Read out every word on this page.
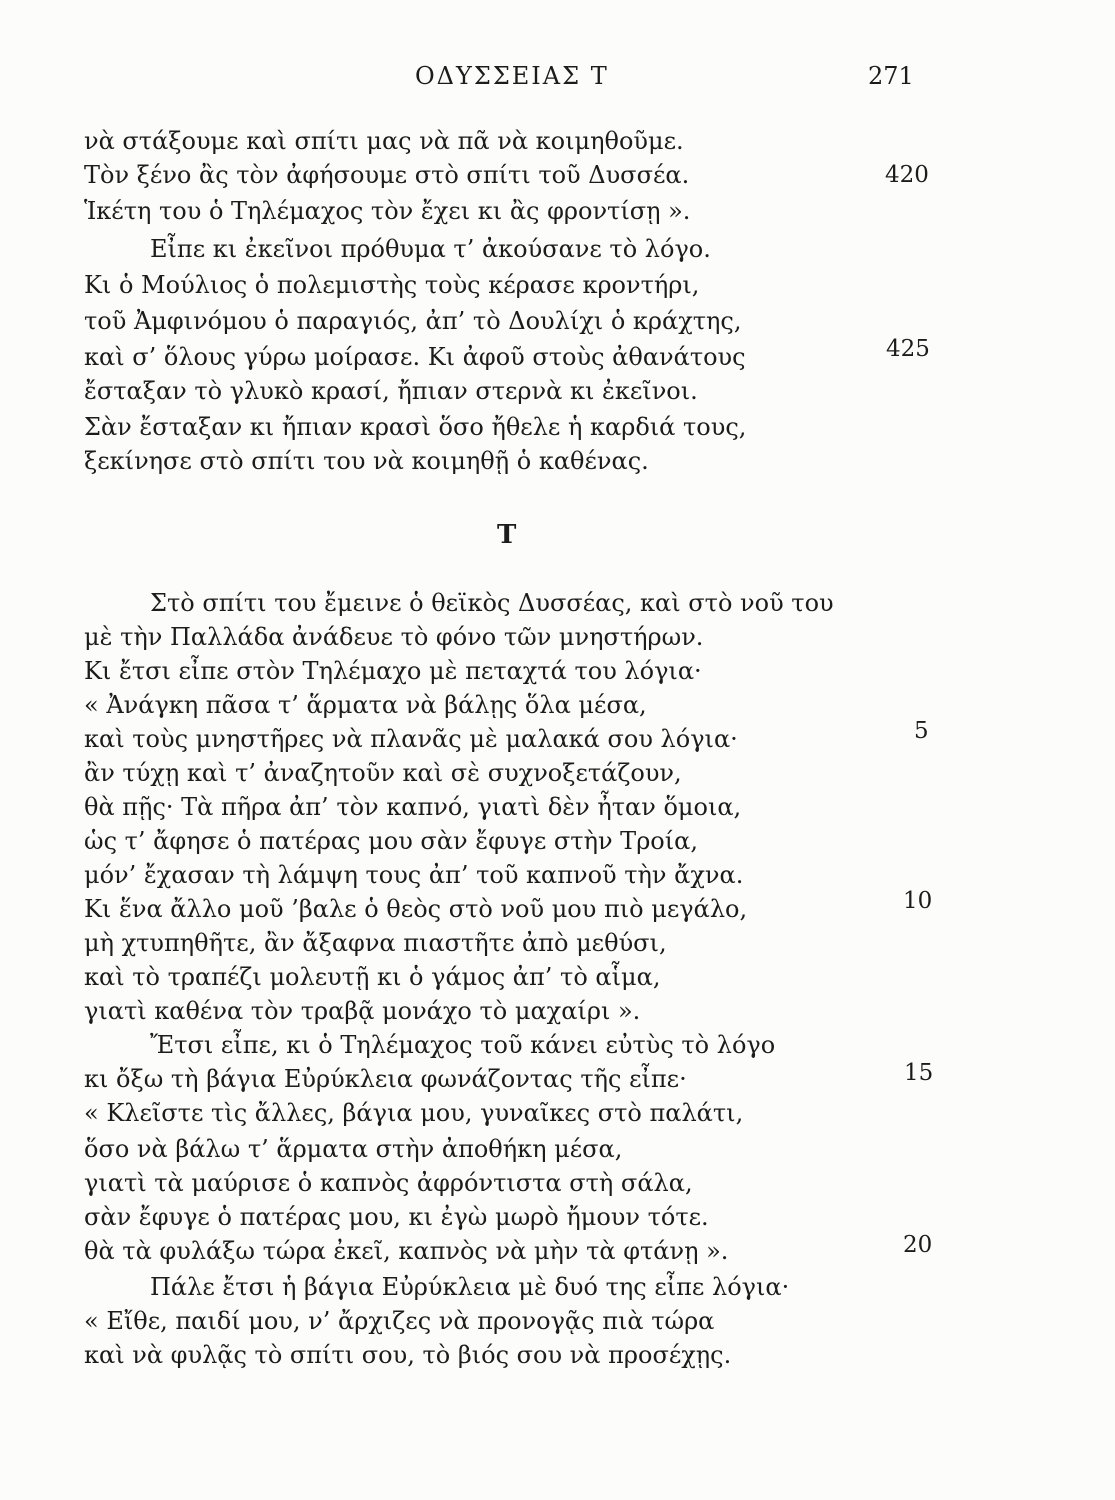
ΟΔΥΣΣΕΙΑΣ Τ	271
νὰ στάξουμε καὶ σπίτι μας νὰ πᾶ νὰ κοιμηθοῦμε.
Τὸν ξένο ἂς τὸν ἀφήσουμε στὸ σπίτι τοῦ Δυσσέα.	420
Ἱκέτη του ὁ Τηλέμαχος τὸν ἔχει κι ἂς φροντίσῃ ».
Εἶπε κι ἐκεῖνοι πρόθυμα τ’ ἀκούσανε τὸ λόγο.
Κι ὁ Μούλιος ὁ πολεμιστὴς τοὺς κέρασε κροντήρι,
τοῦ Ἀμφινόμου ὁ παραγιός, ἀπ’ τὸ Δουλίχι ὁ κράχτης,
καὶ σ’ ὅλους γύρω μοίρασε. Κι ἀφοῦ στοὺς ἀθανάτους	425
ἔσταξαν τὸ γλυκὸ κρασί, ἤπιαν στερνὰ κι ἐκεῖνοι.
Σὰν ἔσταξαν κι ἤπιαν κρασὶ ὅσο ἤθελε ἡ καρδιά τους,
ξεκίνησε στὸ σπίτι του νὰ κοιμηθῇ ὁ καθένας.
Τ
Στὸ σπίτι του ἔμεινε ὁ θεϊκὸς Δυσσέας, καὶ στὸ νοῦ του
μὲ τὴν Παλλάδα ἀνάδευε τὸ φόνο τῶν μνηστήρων.
Κι ἔτσι εἶπε στὸν Τηλέμαχο μὲ πεταχτά του λόγια·
« Ἀνάγκη πᾶσα τ’ ἅρματα νὰ βάλῃς ὅλα μέσα,
καὶ τοὺς μνηστῆρες νὰ πλανᾶς μὲ μαλακά σου λόγια·	5
ἂν τύχῃ καὶ τ’ ἀναζητοῦν καὶ σὲ συχνοξετάζουν,
θὰ πῇς· Τὰ πῆρα ἀπ’ τὸν καπνό, γιατὶ δὲν ἦταν ὅμοια,
ὡς τ’ ἄφησε ὁ πατέρας μου σὰν ἔφυγε στὴν Τροία,
μόν’ ἔχασαν τὴ λάμψη τους ἀπ’ τοῦ καπνοῦ τὴν ἄχνα.
Κι ἕνα ἄλλο μοῦ ’βαλε ὁ θεὸς στὸ νοῦ μου πιὸ μεγάλο,	10
μὴ χτυπηθῆτε, ἂν ἄξαφνα πιαστῆτε ἀπὸ μεθύσι,
καὶ τὸ τραπέζι μολευτῇ κι ὁ γάμος ἀπ’ τὸ αἷμα,
γιατὶ καθένα τὸν τραβᾷ μονάχο τὸ μαχαίρι ».
Ἔτσι εἶπε, κι ὁ Τηλέμαχος τοῦ κάνει εὐτὺς τὸ λόγο
κι ὄξω τὴ βάγια Εὐρύκλεια φωνάζοντας τῆς εἶπε·	15
« Κλεῖστε τὶς ἄλλες, βάγια μου, γυναῖκες στὸ παλάτι,
ὅσο νὰ βάλω τ’ ἅρματα στὴν ἀποθήκη μέσα,
γιατὶ τὰ μαύρισε ὁ καπνὸς ἀφρόντιστα στὴ σάλα,
σὰν ἔφυγε ὁ πατέρας μου, κι ἐγὼ μωρὸ ἤμουν τότε.
θὰ τὰ φυλάξω τώρα ἐκεῖ, καπνὸς νὰ μὴν τὰ φτάνῃ ».	20
Πάλε ἔτσι ἡ βάγια Εὐρύκλεια μὲ δυό της εἶπε λόγια·
« Εἴθε, παιδί μου, ν’ ἄρχιζες νὰ προνογᾷς πιὰ τώρα
καὶ νὰ φυλᾷς τὸ σπίτι σου, τὸ βιός σου νὰ προσέχῃς.
